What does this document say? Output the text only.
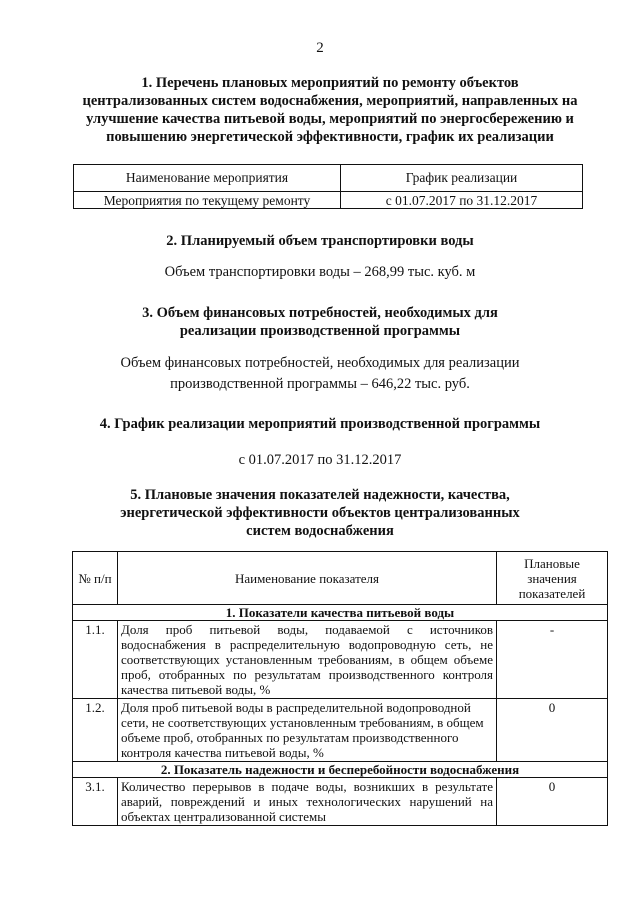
2
1. Перечень плановых мероприятий по ремонту объектов
централизованных систем водоснабжения, мероприятий, направленных на
улучшение качества питьевой воды, мероприятий по энергосбережению и
повышению энергетической эффективности, график их реализации
Наименование мероприятия	График реализации
Мероприятия по текущему ремонту	с 01.07.2017 по 31.12.2017
2. Планируемый объем транспортировки воды
Объем транспортировки воды – 268,99 тыс. куб. м
3. Объем финансовых потребностей, необходимых для
реализации производственной программы
Объем финансовых потребностей, необходимых для реализации
производственной программы – 646,22 тыс. руб.
4. График реализации мероприятий производственной программы
с 01.07.2017 по 31.12.2017
5. Плановые значения показателей надежности, качества,
энергетической эффективности объектов централизованных
систем водоснабжения
№ п/п	Наименование показателя	Плановые значения показателей
1. Показатели качества питьевой воды		
1.1.	Доля проб питьевой воды, подаваемой с источников водоснабжения в распределительную водопроводную сеть, не соответствующих установленным требованиям, в общем объеме проб, отобранных по результатам производственного контроля качества питьевой воды, %	-
1.2.	Доля проб питьевой воды в распределительной водопроводной сети, не соответствующих установленным требованиям, в общем объеме проб, отобранных по результатам производственного контроля качества питьевой воды, %	0
2. Показатель надежности и бесперебойности водоснабжения		
3.1.	Количество перерывов в подаче воды, возникших в результате аварий, повреждений и иных технологических нарушений на объектах централизованной системы	0
